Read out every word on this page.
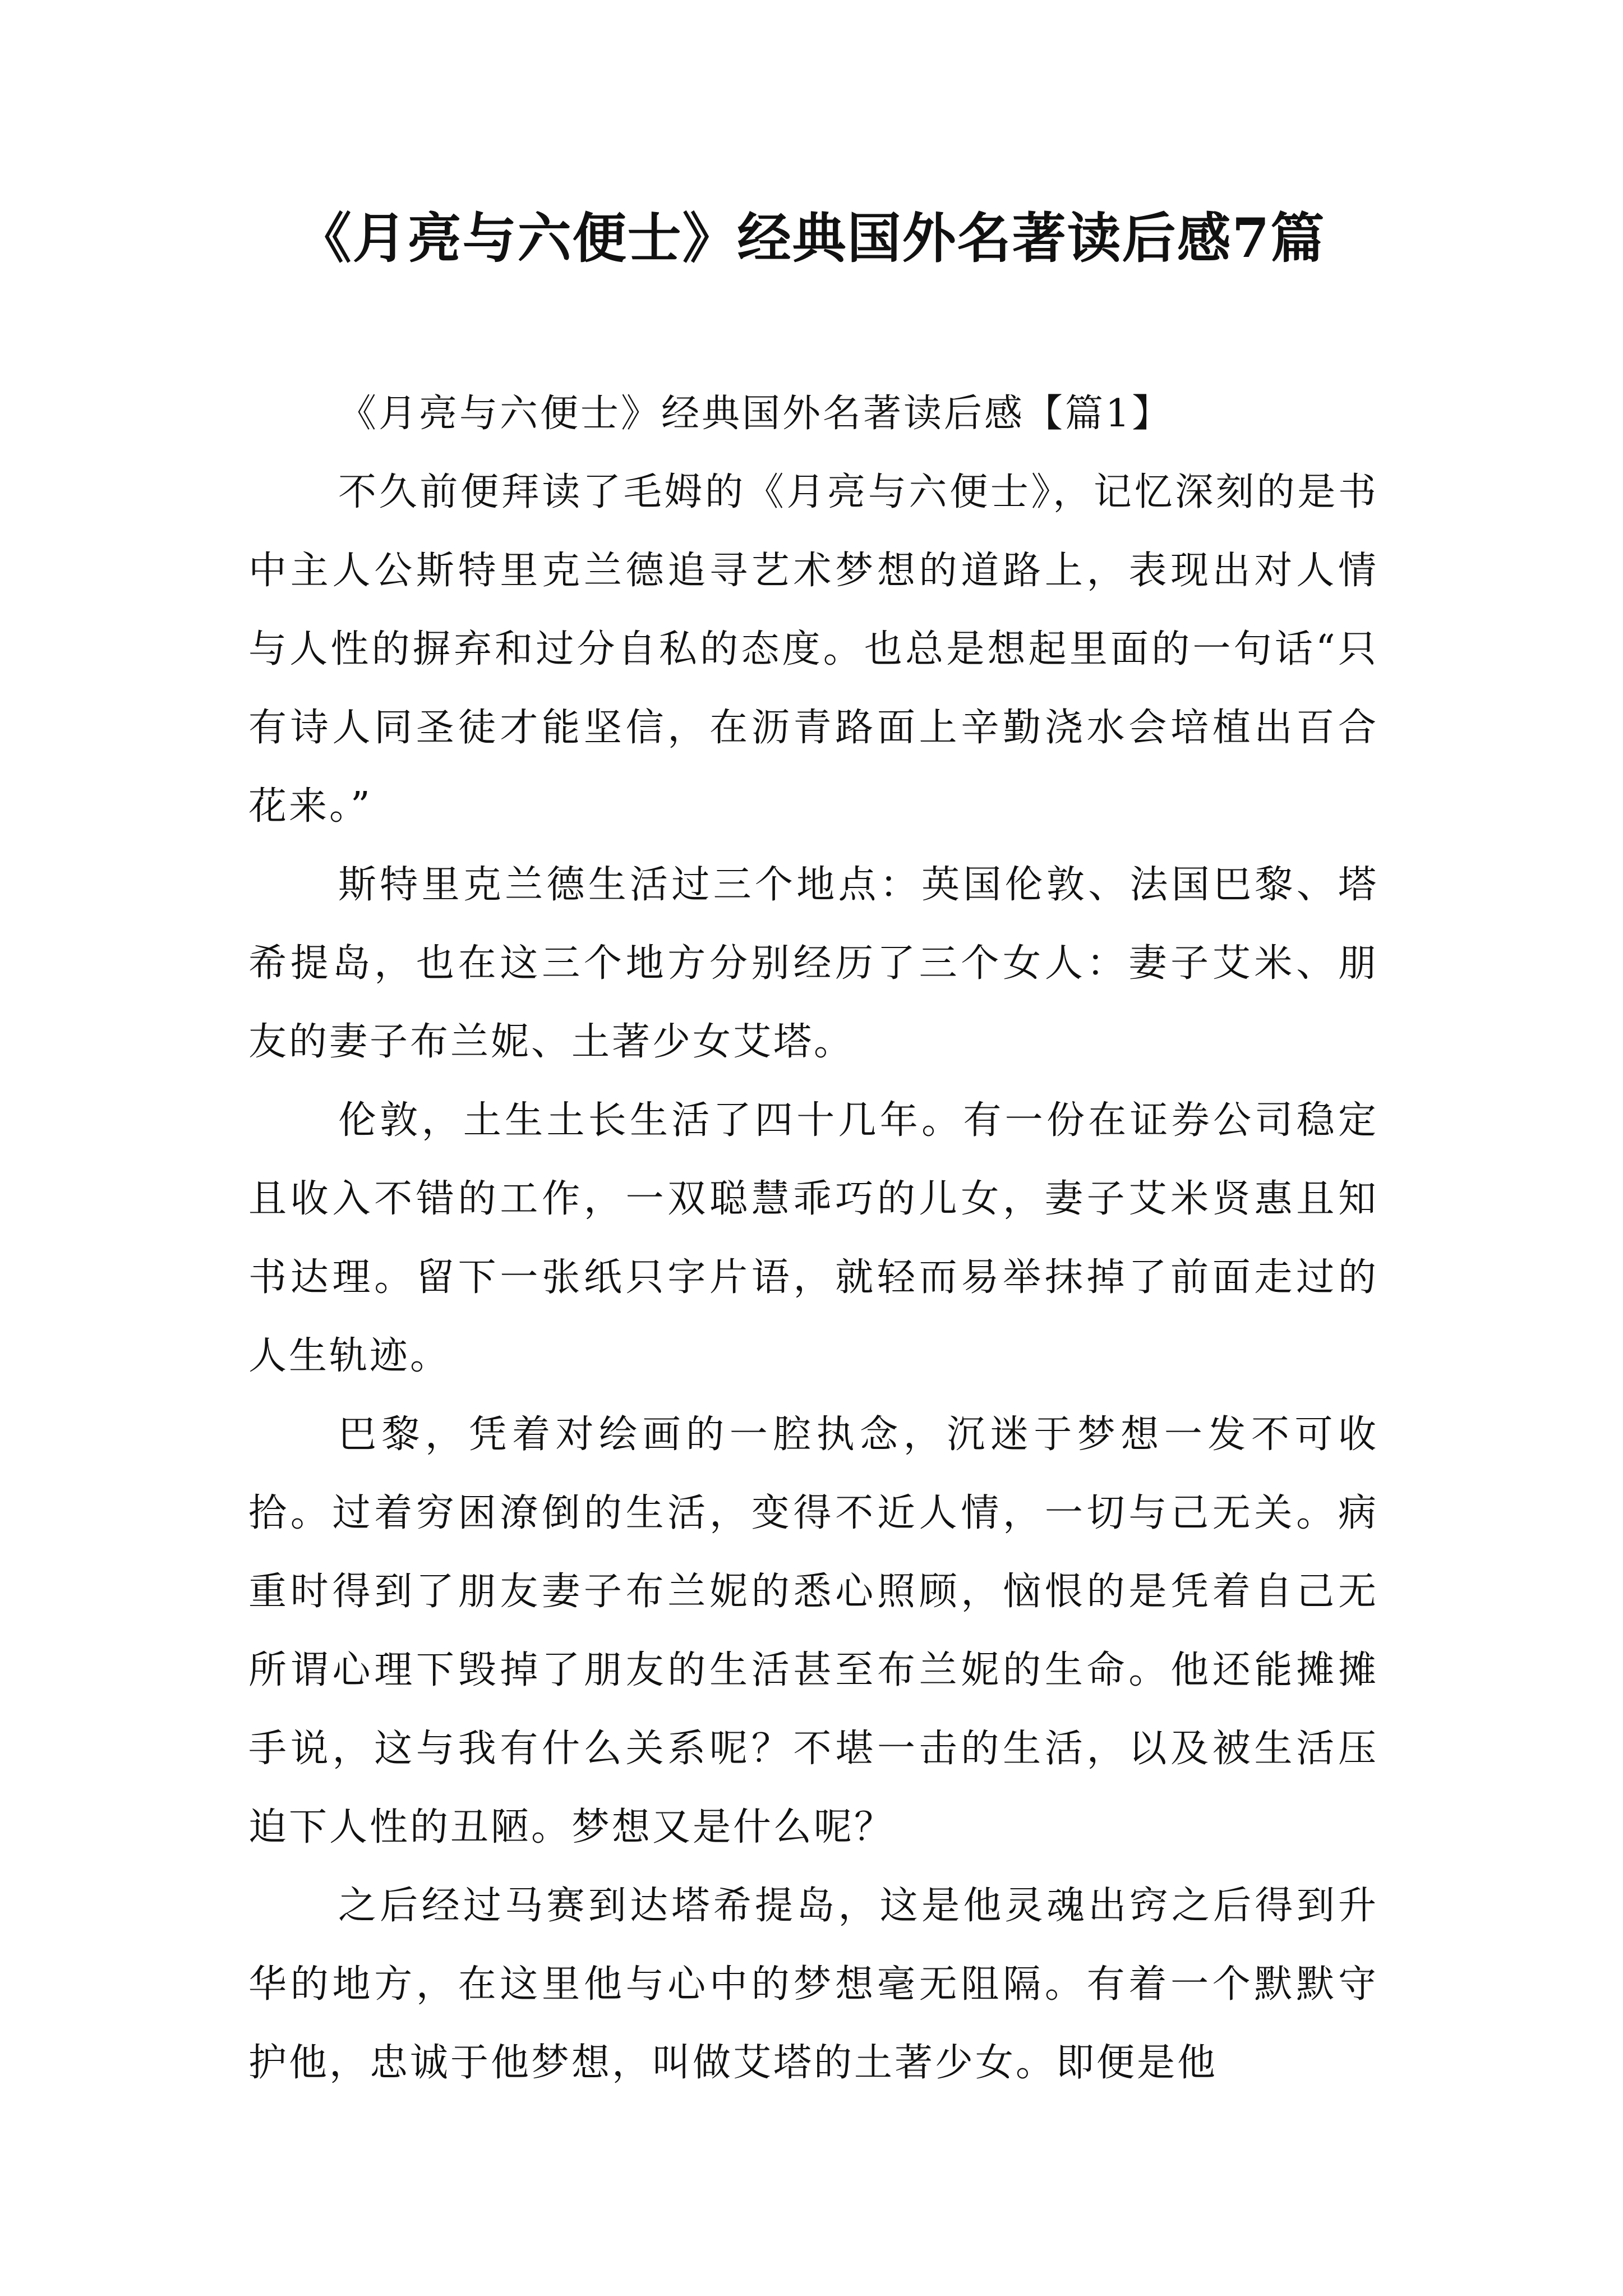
《月亮与六便士》经典国外名著读后感7篇

《月亮与六便士》经典国外名著读后感【篇1】

不久前便拜读了毛姆的《月亮与六便士》，记忆深刻的是书中主人公斯特里克兰德追寻艺术梦想的道路上，表现出对人情与人性的摒弃和过分自私的态度。也总是想起里面的一句话“只有诗人同圣徒才能坚信，在沥青路面上辛勤浇水会培植出百合花来。”

斯特里克兰德生活过三个地点：英国伦敦、法国巴黎、塔希提岛，也在这三个地方分别经历了三个女人：妻子艾米、朋友的妻子布兰妮、土著少女艾塔。

伦敦，土生土长生活了四十几年。有一份在证券公司稳定且收入不错的工作，一双聪慧乖巧的儿女，妻子艾米贤惠且知书达理。留下一张纸只字片语，就轻而易举抹掉了前面走过的人生轨迹。

巴黎，凭着对绘画的一腔执念，沉迷于梦想一发不可收拾。过着穷困潦倒的生活，变得不近人情，一切与己无关。病重时得到了朋友妻子布兰妮的悉心照顾，恼恨的是凭着自己无所谓心理下毁掉了朋友的生活甚至布兰妮的生命。他还能摊摊手说，这与我有什么关系呢？不堪一击的生活，以及被生活压迫下人性的丑陋。梦想又是什么呢？

之后经过马赛到达塔希提岛，这是他灵魂出窍之后得到升华的地方，在这里他与心中的梦想毫无阻隔。有着一个默默守护他，忠诚于他梦想，叫做艾塔的土著少女。即便是他
